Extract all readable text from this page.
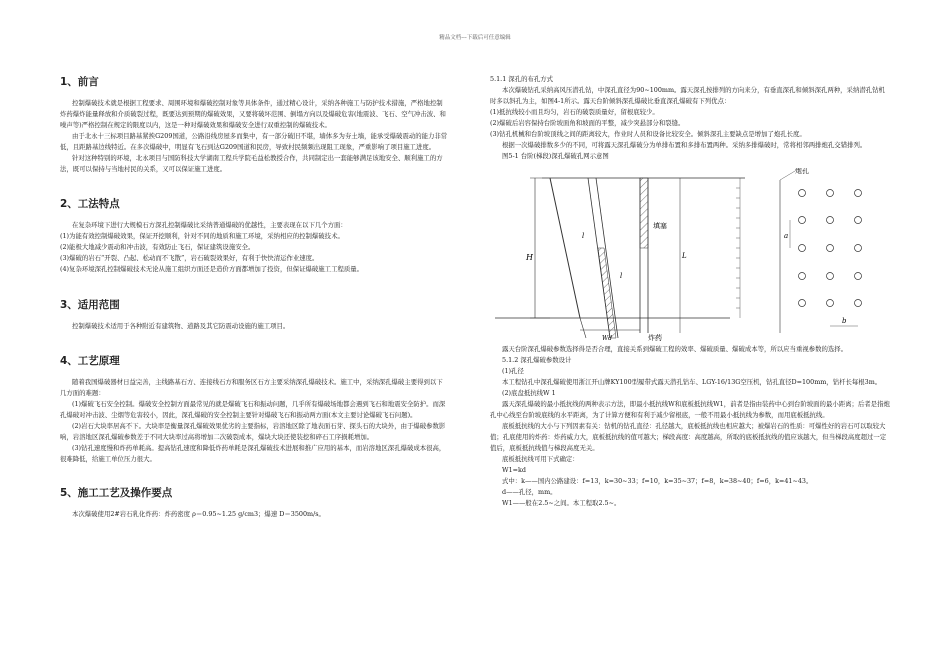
精品文档---下载后可任意编辑
1、前言

控制爆破技术就是根据工程要求、周围环境和爆破控制对象等具体条件，通过精心设计，采纳各种施工与防护技术措施，严格地控制炸药爆炸能量释放和介质破裂过程，既要达到预期的爆破效果，又要将破坏范围、倒塌方向以及爆破危害(地震波、飞石、空气冲击波、和噪声等)严格控制在规定的限度以内，这是一种对爆破效果和爆破安全进行双重控制的爆破技术。

由于北永十三标项目路基紧挨G209国道，公路沿线房屋多而集中，有一部分破旧不堪，墙体多为夯土墙，能承受爆破震动的能力非常低，且距路基边线特近。在多次爆破中，明显有飞石到达G209国道和民房，导致村民频频出现阻工现象，严重影响了项目施工进度。

针对这种特别的环境，北永项目与国防科技大学湖南工程兵学院毛益松教授合作，共同制定出一套能够满足该地安全、顺利施工的方法，既可以保持与当地村民的关系，又可以保证施工进度。

2、工法特点

在复杂环境下进行大规模石方深孔控制爆破比采纳普通爆破的优越性，主要表现在以下几个方面：

(1)为能有效控制爆破效果，保证开挖顺利，针对不同的地质和施工环境，采纳相应的控制爆破技术。

(2)能极大地减少震动和冲击波，有效防止飞石，保证建筑设施安全。

(3)爆破的岩石“开裂、凸起、松动而不飞散”，岩石破裂效果好，有利于快快清运作业速度。

(4)复杂环境深孔控制爆破技术无论从施工组织方面还是造价方面都增加了投资，但保证爆破施工工程质量。

3、适用范围

控制爆破技术适用于各种附近有建筑物、道路及其它防震动设施的施工项目。

4、工艺原理

随着我国爆破器材日益完善，主线路基石方、连接线石方和服务区石方主要采纳深孔爆破技术。施工中，采纳深孔爆破主要得到以下几方面的难题：

(1)爆破飞石安全控制。爆破安全控制方面最常见的就是爆破飞石和振动问题，几乎所有爆破场地都会遇到飞石和地震安全防护。而深孔爆破对冲击波、尘烟等危害较小，因此，深孔爆破的安全控制主要针对爆破飞石和振动两方面(本文主要讨论爆破飞石问题)。

(2)岩石大块率居高不下。大块率是衡量深孔爆破效果优劣的主要指标，岩溶地区除了地表面石芽、探头石的大块外，由于爆破参数影响，岩溶地区深孔爆破参数差于不同大块率过高将增加二次破裂成本，爆块大块还使装挖和碎石工序损耗增加。

(3)钻孔速度慢和炸药单耗高。提高钻孔速度和降低炸药单耗是深孔爆破技术进展和推广应用的基本，而岩溶地区深孔爆破成本很高，很难降低，给施工单位压力很大。

5、施工工艺及操作要点

本次爆破使用2#岩石乳化炸药：炸药密度 ρ＝0.95~1.25 g/cm3；爆速 D＝3500m/s。

5.1.1 深孔的布孔方式

本次爆破钻孔采纳高风压潜孔钻，中深孔直径为90~100mm。露天深孔按排列的方向来分，有垂直深孔和倾斜深孔两种，采纳潜孔钻机时多以斜孔为主，如图4-1所示。露天台阶倾斜深孔爆破比垂直深孔爆破有下列优点：

(1)抵抗线较小而且均匀，岩石的破裂质量好，留根底较少。

(2)爆破后岩容保持台阶坡面角和坡面的平整，减少突悬部分和裂缝。

(3)钻孔机械和台阶坡顶线之间的距离较大，作业时人员和设备比较安全。倾斜深孔主要缺点是增加了炮孔长度。

根据一次爆破排数多少的不同，可将露天深孔爆破分为单排布置和多排布置两种。采纳多排爆破时，常将相邻两排炮孔交错排列。

图5-1 台阶(梯段)深孔爆破孔网示意图

H
l
l
填塞
L
Wd	炸药
炮孔
a
b

露天台阶深孔爆破参数选择得是否合理，直接关系到爆破工程的效率、爆破质量、爆破成本等，所以应当重视参数的选择。

5.1.2 深孔爆破参数设计

(1)孔径

本工程钻孔中深孔爆破使用浙江开山牌KY100型履带式露天潜孔钻车、LGY-16/13G空压机，钻孔直径D=100mm，钻杆长每根3m。

(2)底盘抵抗线W 1

露天深孔爆破的最小抵抗线的两种表示方法，即最小抵抗线W和底板抵抗线W1，前者是指由装药中心到台阶坡面的最小距离；后者是指炮孔中心线至台阶坡底线的水平距离，为了计算方便和有利于减少留根底，一般不用最小抵抗线为参数，而用底板抵抗线。

底板抵抗线的大小与下列因素有关：钻机的钻孔直径：孔径越大，底板抵抗线也相应越大；被爆岩石的性质：可爆性好的岩石可以取较大值；孔底使用的炸药：炸药威力大，底板抵抗线的值可越大；梯段高度：高度越高，所取的底板抵抗线的值应该越大，但当梯段高度超过一定值后，底板抵抗线值与梯段高度无关。

底板抵抗线可用下式确定：

W1=kd

式中：k——国内公路建设：f=13，k=30~33；f=10，k=35~37；f=8，k=38~40；f=6，k=41~43。

d——孔径，mm。

W1——般在2.5~之间。本工程取2.5~。
